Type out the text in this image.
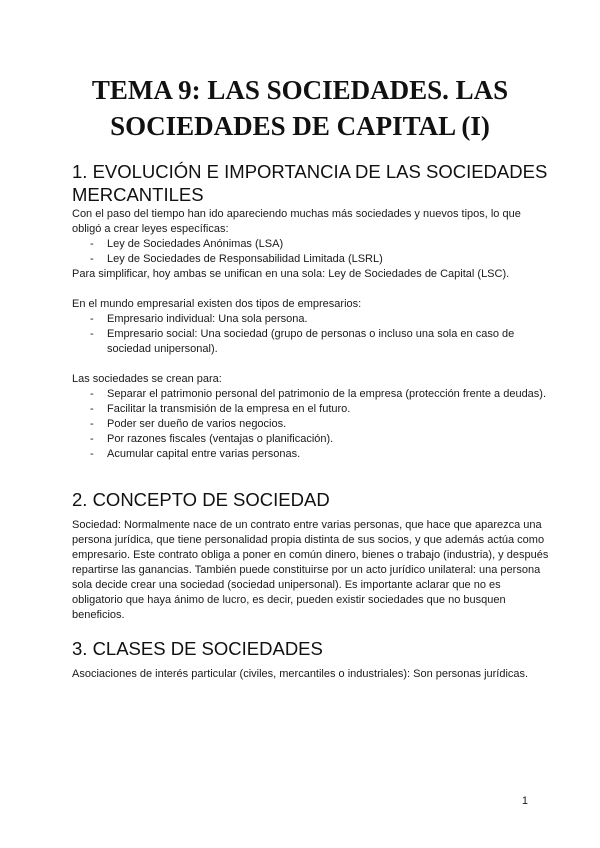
TEMA 9: LAS SOCIEDADES. LAS SOCIEDADES DE CAPITAL (I)
1. EVOLUCIÓN E IMPORTANCIA DE LAS SOCIEDADES MERCANTILES

Con el paso del tiempo han ido apareciendo muchas más sociedades y nuevos tipos, lo que obligó a crear leyes específicas:

- Ley de Sociedades Anónimas (LSA)
- Ley de Sociedades de Responsabilidad Limitada (LSRL)

Para simplificar, hoy ambas se unifican en una sola: Ley de Sociedades de Capital (LSC).

En el mundo empresarial existen dos tipos de empresarios:

- Empresario individual: Una sola persona.
- Empresario social: Una sociedad (grupo de personas o incluso una sola en caso de sociedad unipersonal).

Las sociedades se crean para:

- Separar el patrimonio personal del patrimonio de la empresa (protección frente a deudas).
- Facilitar la transmisión de la empresa en el futuro.
- Poder ser dueño de varios negocios.
- Por razones fiscales (ventajas o planificación).
- Acumular capital entre varias personas.
2. CONCEPTO DE SOCIEDAD

Sociedad: Normalmente nace de un contrato entre varias personas, que hace que aparezca una persona jurídica, que tiene personalidad propia distinta de sus socios, y que además actúa como empresario. Este contrato obliga a poner en común dinero, bienes o trabajo (industria), y después repartirse las ganancias. También puede constituirse por un acto jurídico unilateral: una persona sola decide crear una sociedad (sociedad unipersonal). Es importante aclarar que no es obligatorio que haya ánimo de lucro, es decir, pueden existir sociedades que no busquen beneficios.

3. CLASES DE SOCIEDADES

Asociaciones de interés particular (civiles, mercantiles o industriales): Son personas jurídicas.

1
